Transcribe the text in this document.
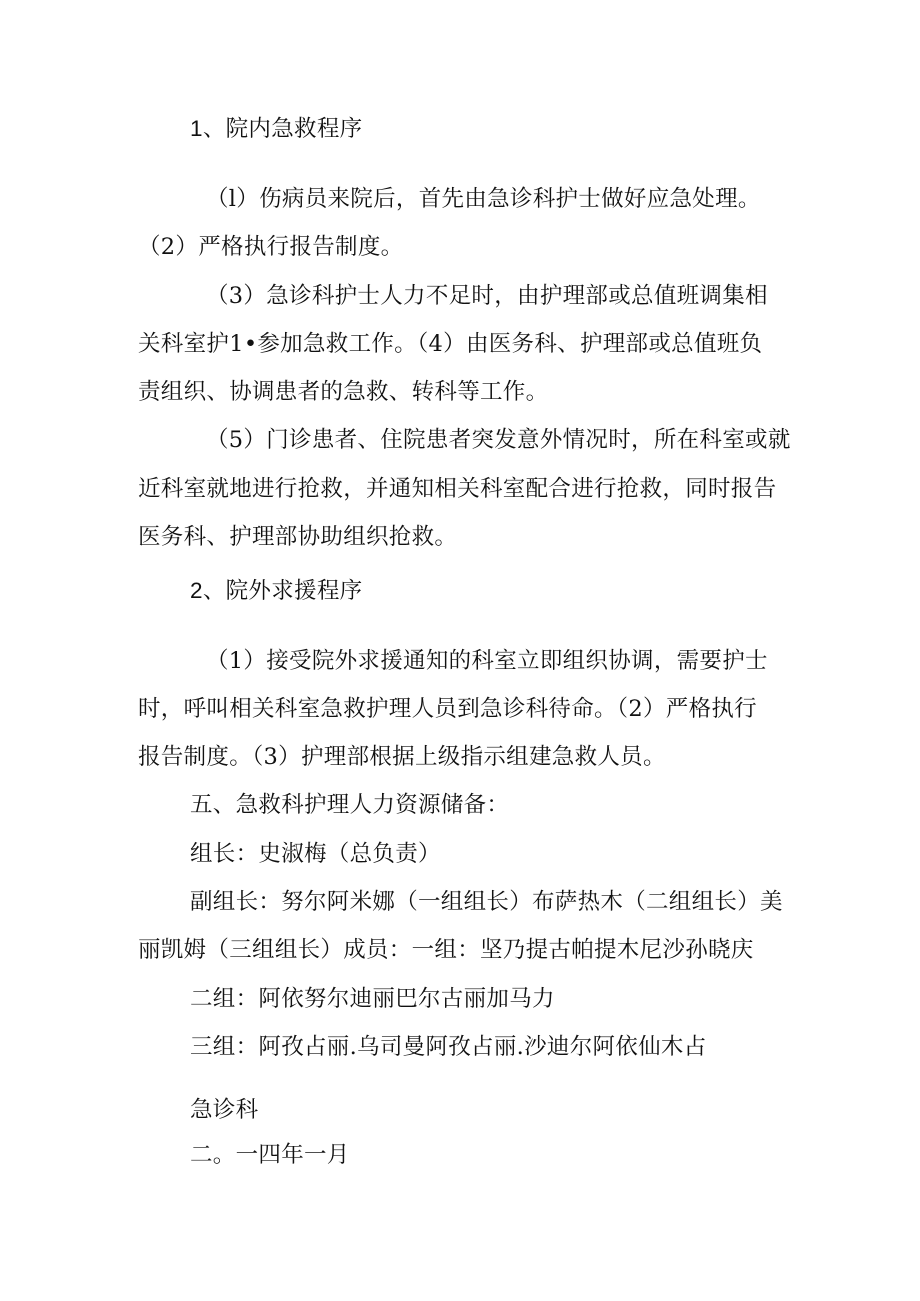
1、院内急救程序
（l）伤病员来院后，首先由急诊科护士做好应急处理。
（2）严格执行报告制度。
（3）急诊科护士人力不足时，由护理部或总值班调集相
关科室护1•参加急救工作。（4）由医务科、护理部或总值班负
责组织、协调患者的急救、转科等工作。
（5）门诊患者、住院患者突发意外情况时，所在科室或就
近科室就地进行抢救，并通知相关科室配合进行抢救，同时报告
医务科、护理部协助组织抢救。
2、院外求援程序
（1）接受院外求援通知的科室立即组织协调，需要护士
时，呼叫相关科室急救护理人员到急诊科待命。（2）严格执行
报告制度。（3）护理部根据上级指示组建急救人员。
五、急救科护理人力资源储备：
组长：史淑梅（总负责）
副组长：努尔阿米娜（一组组长）布萨热木（二组组长）美
丽凯姆（三组组长）成员：一组：坚乃提古帕提木尼沙孙晓庆
二组：阿依努尔迪丽巴尔古丽加马力
三组：阿孜占丽.乌司曼阿孜占丽.沙迪尔阿依仙木占
急诊科
二。一四年一月
